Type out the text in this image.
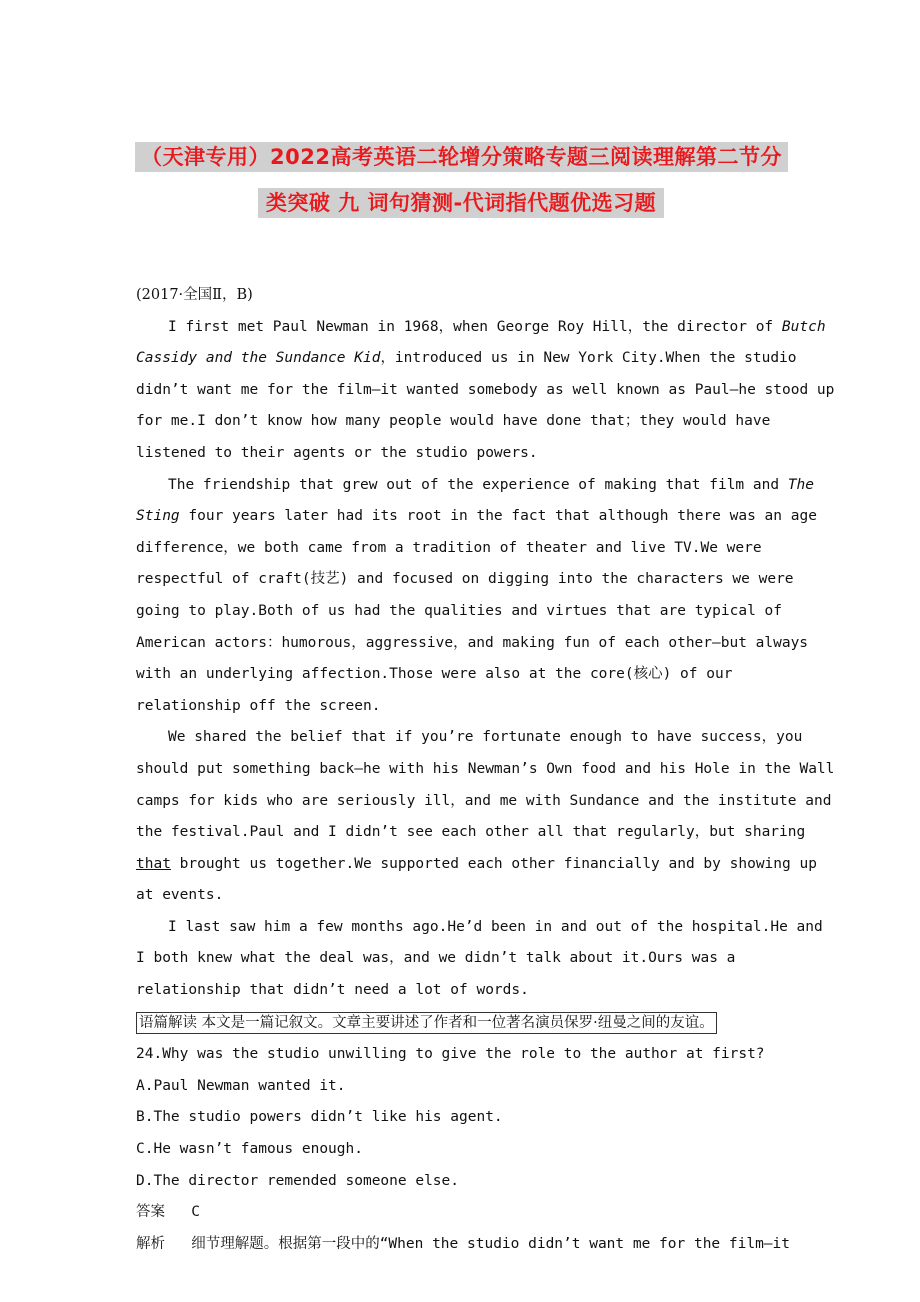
（天津专用）2022高考英语二轮增分策略专题三阅读理解第二节分
类突破 九 词句猜测-代词指代题优选习题

(2017·全国Ⅱ，B)

I first met Paul Newman in 1968，when George Roy Hill，the director of Butch Cassidy and the Sundance Kid，introduced us in New York City.When the studio didn’t want me for the film—it wanted somebody as well known as Paul—he stood up for me.I don’t know how many people would have done that；they would have listened to their agents or the studio powers.

The friendship that grew out of the experience of making that film and The Sting four years later had its root in the fact that although there was an age difference，we both came from a tradition of theater and live TV.We were respectful of craft(技艺) and focused on digging into the characters we were going to play.Both of us had the qualities and virtues that are typical of American actors：humorous，aggressive，and making fun of each other—but always with an underlying affection.Those were also at the core(核心) of our relationship off the screen.

We shared the belief that if you’re fortunate enough to have success，you should put something back—he with his Newman’s Own food and his Hole in the Wall camps for kids who are seriously ill，and me with Sundance and the institute and the festival.Paul and I didn’t see each other all that regularly，but sharing that brought us together.We supported each other financially and by showing up at events.

I last saw him a few months ago.He’d been in and out of the hospital.He and I both knew what the deal was，and we didn’t talk about it.Ours was a relationship that didn’t need a lot of words.

语篇解读 本文是一篇记叙文。文章主要讲述了作者和一位著名演员保罗·纽曼之间的友谊。

24.Why was the studio unwilling to give the role to the author at first?

A.Paul Newman wanted it.

B.The studio powers didn’t like his agent.

C.He wasn’t famous enough.

D.The director remended someone else.

答案 C

解析 细节理解题。根据第一段中的“When the studio didn’t want me for the film—it
